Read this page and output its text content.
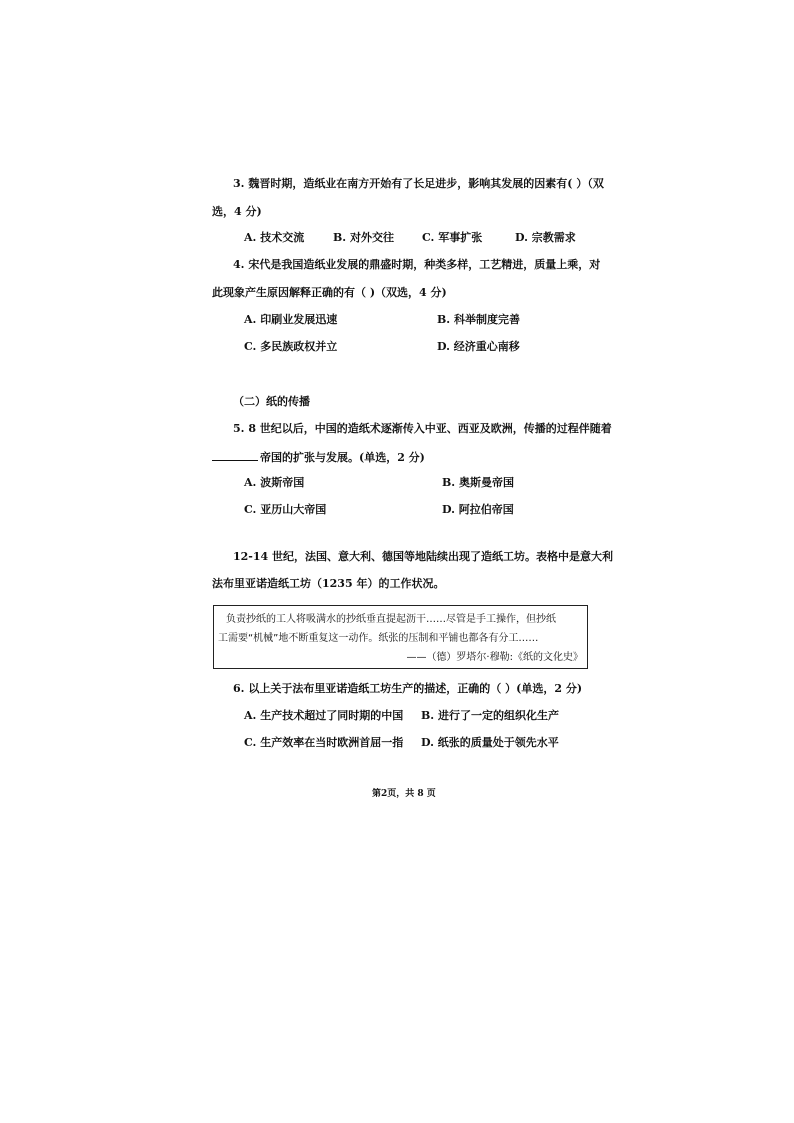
3. 魏晋时期，造纸业在南方开始有了长足进步，影响其发展的因素有( ）（双
选，4 分)
A. 技术交流	B. 对外交往	C. 军事扩张	D. 宗教需求
4. 宋代是我国造纸业发展的鼎盛时期，种类多样，工艺精进，质量上乘，对
此现象产生原因解释正确的有（ )（双选，4 分)
A. 印刷业发展迅速	B. 科举制度完善
C. 多民族政权并立	D. 经济重心南移
（二）纸的传播
5. 8 世纪以后，中国的造纸术逐渐传入中亚、西亚及欧洲，传播的过程伴随着
帝国的扩张与发展。(单选，2 分)
A. 波斯帝国	B. 奥斯曼帝国
C. 亚历山大帝国	D. 阿拉伯帝国
12-14 世纪，法国、意大利、德国等地陆续出现了造纸工坊。表格中是意大利
法布里亚诺造纸工坊（1235 年）的工作状况。
负责抄纸的工人将吸满水的抄纸垂直提起沥干……尽管是手工操作，但抄纸
工需要“机械”地不断重复这一动作。纸张的压制和平铺也都各有分工……
——（德）罗塔尔·穆勒:《纸的文化史》
6. 以上关于法布里亚诺造纸工坊生产的描述，正确的（ ）(单选，2 分)
A. 生产技术超过了同时期的中国 B. 进行了一定的组织化生产
C. 生产效率在当时欧洲首屈一指 D. 纸张的质量处于领先水平
第2页，共 8 页
